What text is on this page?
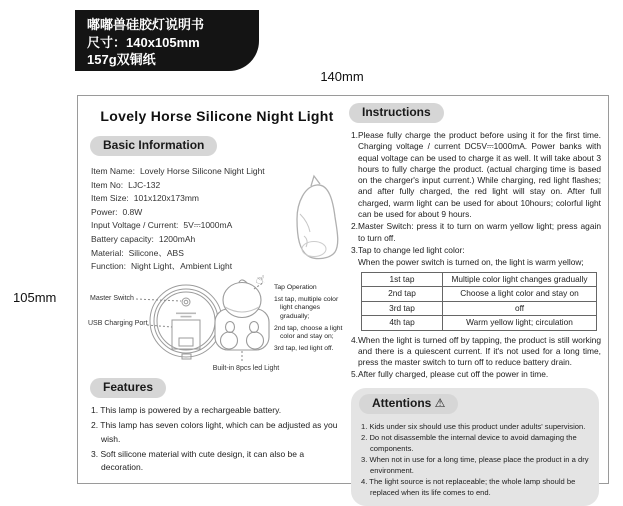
嘟嘟兽硅胶灯说明书
尺寸：140x105mm
157g双铜纸
140mm
105mm
Lovely Horse Silicone Night Light
Basic Information
Item Name: Lovely Horse Silicone Night Light
Item No: LJC-132
Item Size: 101x120x173mm
Power: 0.8W
Input Voltage / Current: 5V⎓1000mA
Battery capacity: 1200mAh
Material: Silicone、ABS
Function: Night Light、Ambient Light
Master Switch
USB Charging Port
☝ Tap Operation
1st tap, multiple color light changes gradually;
2nd tap, choose a light color and stay on;
3rd tap, led light off.
Built-in 8pcs led Light
Features
1. This lamp is powered by a rechargeable battery.
2. This lamp has seven colors light, which can be adjusted as you wish.
3. Soft silicone material with cute design, it can also be a decoration.
Instructions
1.Please fully charge the product before using it for the first time. Charging voltage / current DC5V⎓1000mA. Power banks with equal voltage can be used to charge it as well. It will take about 3 hours to fully charge the product. (actual charging time is based on the charger's input current.) While charging, red light flashes; and after fully charged, the red light will stay on. After full charged, warm light can be used for about 10hours; colorful light can be used for about 9 hours.
2.Master Switch: press it to turn on warm yellow light; press again to turn off.
3.Tap to change led light color:
When the power switch is turned on, the light is warm yellow;
1st tap	Multiple color light changes gradually
2nd tap	Choose a light color and stay on
3rd tap	off
4th tap	Warm yellow light; circulation
4.When the light is turned off by tapping, the product is still working and there is a quiescent current. If it's not used for a long time, press the master switch to turn off to reduce battery drain.
5.After fully charged, please cut off the power in time.
Attentions ⚠
1. Kids under six should use this product under adults' supervision.
2. Do not disassemble the internal device to avoid damaging the components.
3. When not in use for a long time, please place the product in a dry environment.
4. The light source is not replaceable; the whole lamp should be replaced when its life comes to end.
